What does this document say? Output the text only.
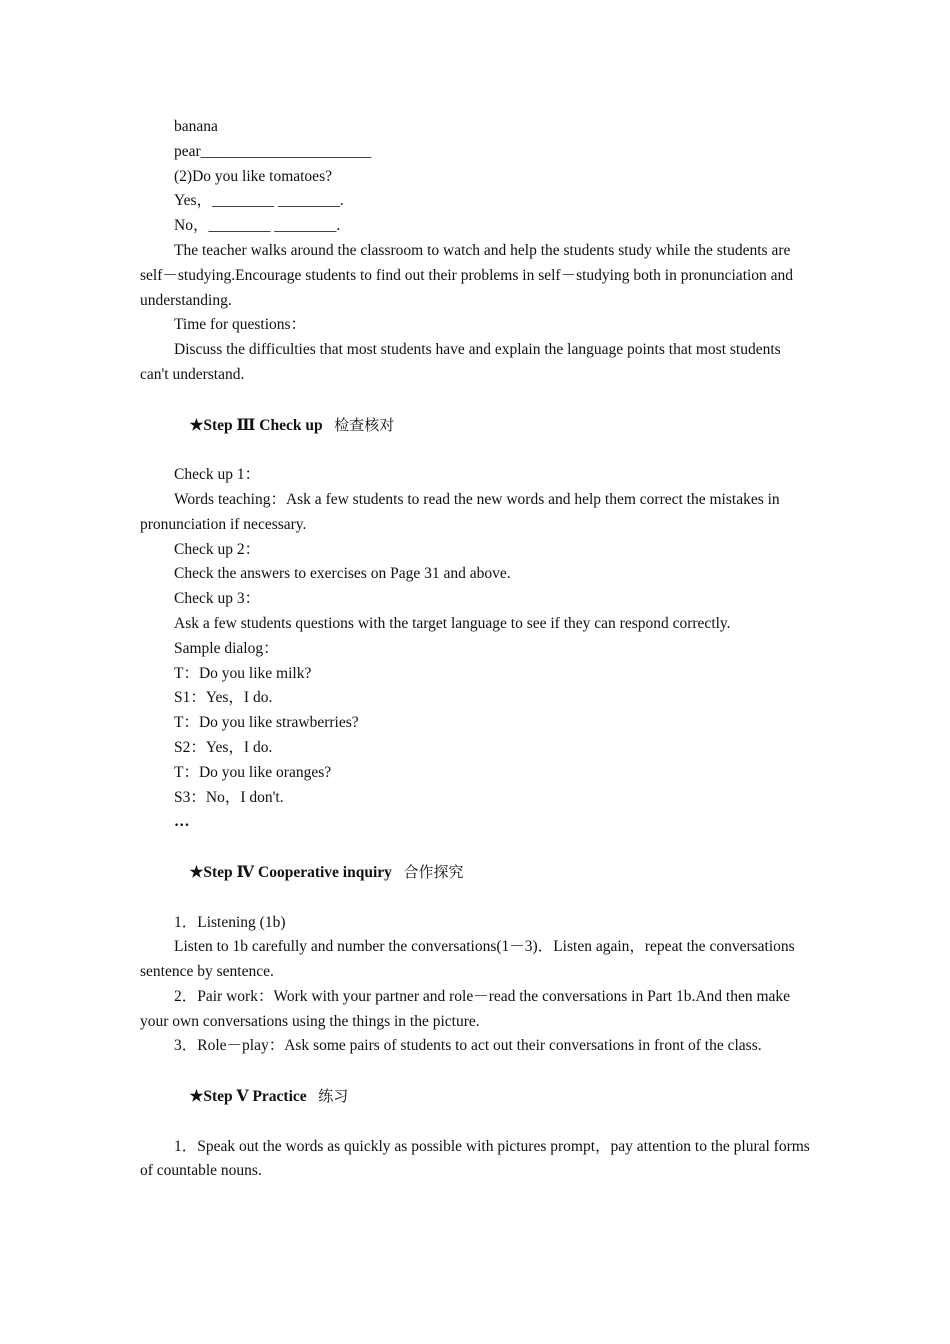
banana
pear______________________
(2)Do you like tomatoes?
Yes，________ ________.
No，________ ________.
The teacher walks around the classroom to watch and help the students study while the students are self－studying.Encourage students to find out their problems in self－studying both in pronunciation and understanding.
Time for questions：
Discuss the difficulties that most students have and explain the language points that most students can't understand.

★Step Ⅲ Check up 检查核对

Check up 1：
Words teaching：Ask a few students to read the new words and help them correct the mistakes in pronunciation if necessary.
Check up 2：
Check the answers to exercises on Page 31 and above.
Check up 3：
Ask a few students questions with the target language to see if they can respond correctly.
Sample dialog：
T：Do you like milk?
S1：Yes，I do.
T：Do you like strawberries?
S2：Yes，I do.
T：Do you like oranges?
S3：No，I don't.
…

★Step Ⅳ Cooperative inquiry 合作探究

1．Listening (1b)
Listen to 1b carefully and number the conversations(1－3)．Listen again，repeat the conversations sentence by sentence.
2．Pair work：Work with your partner and role－read the conversations in Part 1b.And then make your own conversations using the things in the picture.
3．Role－play：Ask some pairs of students to act out their conversations in front of the class.

★Step Ⅴ Practice 练习

1．Speak out the words as quickly as possible with pictures prompt，pay attention to the plural forms of countable nouns.
